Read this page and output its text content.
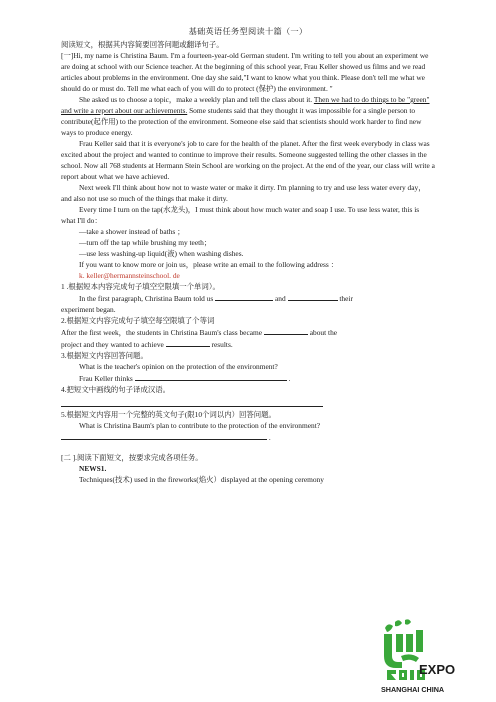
基础英语任务型阅读十篇（一）

阅读短文，根据其内容简要回答问题或翻译句子。

[一]Hi, my name is Christina Baum. I'm a fourteen-year-old German student. I'm writing to tell you about an experiment we are doing at school with our Science teacher. At the beginning of this school year, Frau Keller showed us films and we read articles about problems in the environment. One day she said,"I want to know what you think. Please don't tell me what we should do or must do. Tell me what each of you will do to protect (保护) the environment. "

She asked us to choose a topic，make a weekly plan and tell the class about it. Then we had to do things to be "green" and write a report about our achievements. Some students said that they thought it was impossible for a single person to contribute(起作用) to the protection of the environment. Someone else said that scientists should work harder to find new ways to produce energy.

Frau Keller said that it is everyone's job to care for the health of the planet. After the first week everybody in class was excited about the project and wanted to continue to improve their results. Someone suggested telling the other classes in the school. Now all 768 students at Hermann Stein School are working on the project. At the end of the year, our class will write a report about what we have achieved.

Next week I'll think about how not to waste water or make it dirty. I'm planning to try and use less water every day，and also not use so much of the things that make it dirty.

Every time I turn on the tap(水龙头)，I must think about how much water and soap I use. To use less water, this is what I'll do：

—take a shower instead of baths ；

—turn off the tap while brushing my teeth；

—use less washing-up liquid(液) when washing dishes.

If you want to know more or join us，please write an email to the following address ：

k. keller@hermannsteinschool. de

1 .根据短本内容完成句子填空空限填一个单词）。

In the first paragraph, Christina Baum told us	and	their

experiment began.

2.根据短文内容完成句子填空每空限填了个等词

After the first week，the students in Christina Baum's class became	about the

project and they wanted to achieve	results.

3.根据短文内容回答问题。

What is the teacher's opinion on the protection of the environment?

Frau Keller thinks	.

4.把短文中画线的句子译成汉语。

5.根据短文内容用一个完整的英文句子(限10个词以内）回答问题。

What is Christina Baum's plan to contribute to the protection of the environment?

.

[二 ].阅读下面短文，按要求完成各项任务。

NEWS1.

Techniques(技术) used in the fireworks(焰火）displayed at the opening ceremony

EXPO
SHANGHAI CHINA
